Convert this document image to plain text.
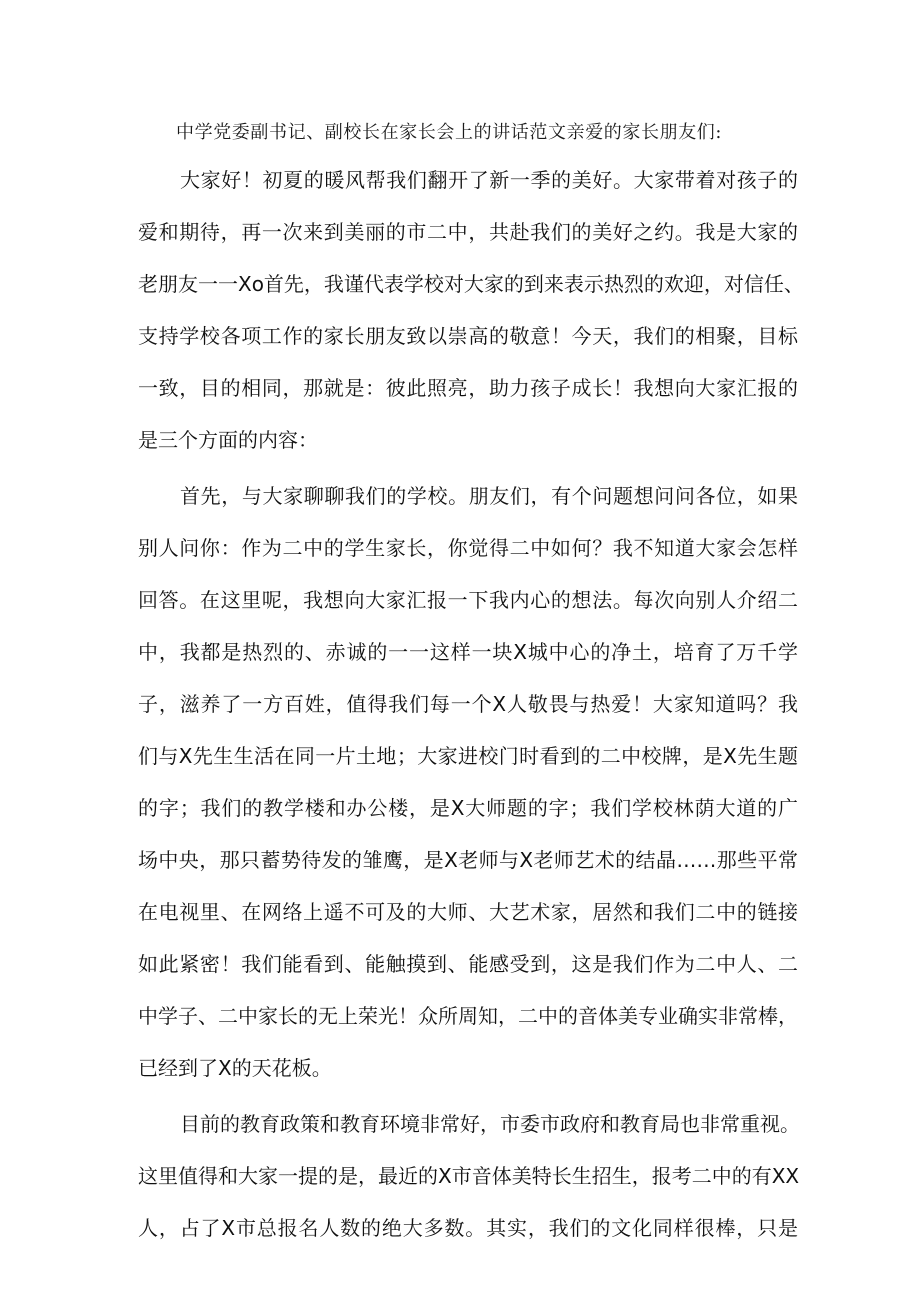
中学党委副书记、副校长在家长会上的讲话范文亲爱的家长朋友们:

大家好！初夏的暖风帮我们翻开了新一季的美好。大家带着对孩子的

爱和期待，再一次来到美丽的市二中，共赴我们的美好之约。我是大家的

老朋友一一Xo首先，我谨代表学校对大家的到来表示热烈的欢迎，对信任、

支持学校各项工作的家长朋友致以崇高的敬意！今天，我们的相聚，目标

一致，目的相同，那就是：彼此照亮，助力孩子成长！我想向大家汇报的

是三个方面的内容：

首先，与大家聊聊我们的学校。朋友们，有个问题想问问各位，如果

别人问你：作为二中的学生家长，你觉得二中如何？我不知道大家会怎样

回答。在这里呢，我想向大家汇报一下我内心的想法。每次向别人介绍二

中，我都是热烈的、赤诚的一一这样一块X城中心的净土，培育了万千学

子，滋养了一方百姓，值得我们每一个X人敬畏与热爱！大家知道吗？我

们与X先生生活在同一片土地；大家进校门时看到的二中校牌，是X先生题

的字；我们的教学楼和办公楼，是X大师题的字；我们学校林荫大道的广

场中央，那只蓄势待发的雏鹰，是X老师与X老师艺术的结晶……那些平常

在电视里、在网络上遥不可及的大师、大艺术家，居然和我们二中的链接

如此紧密！我们能看到、能触摸到、能感受到，这是我们作为二中人、二

中学子、二中家长的无上荣光！众所周知，二中的音体美专业确实非常棒，

已经到了X的天花板。

目前的教育政策和教育环境非常好，市委市政府和教育局也非常重视。

这里值得和大家一提的是，最近的X市音体美特长生招生，报考二中的有XX

人，占了X市总报名人数的绝大多数。其实，我们的文化同样很棒，只是
